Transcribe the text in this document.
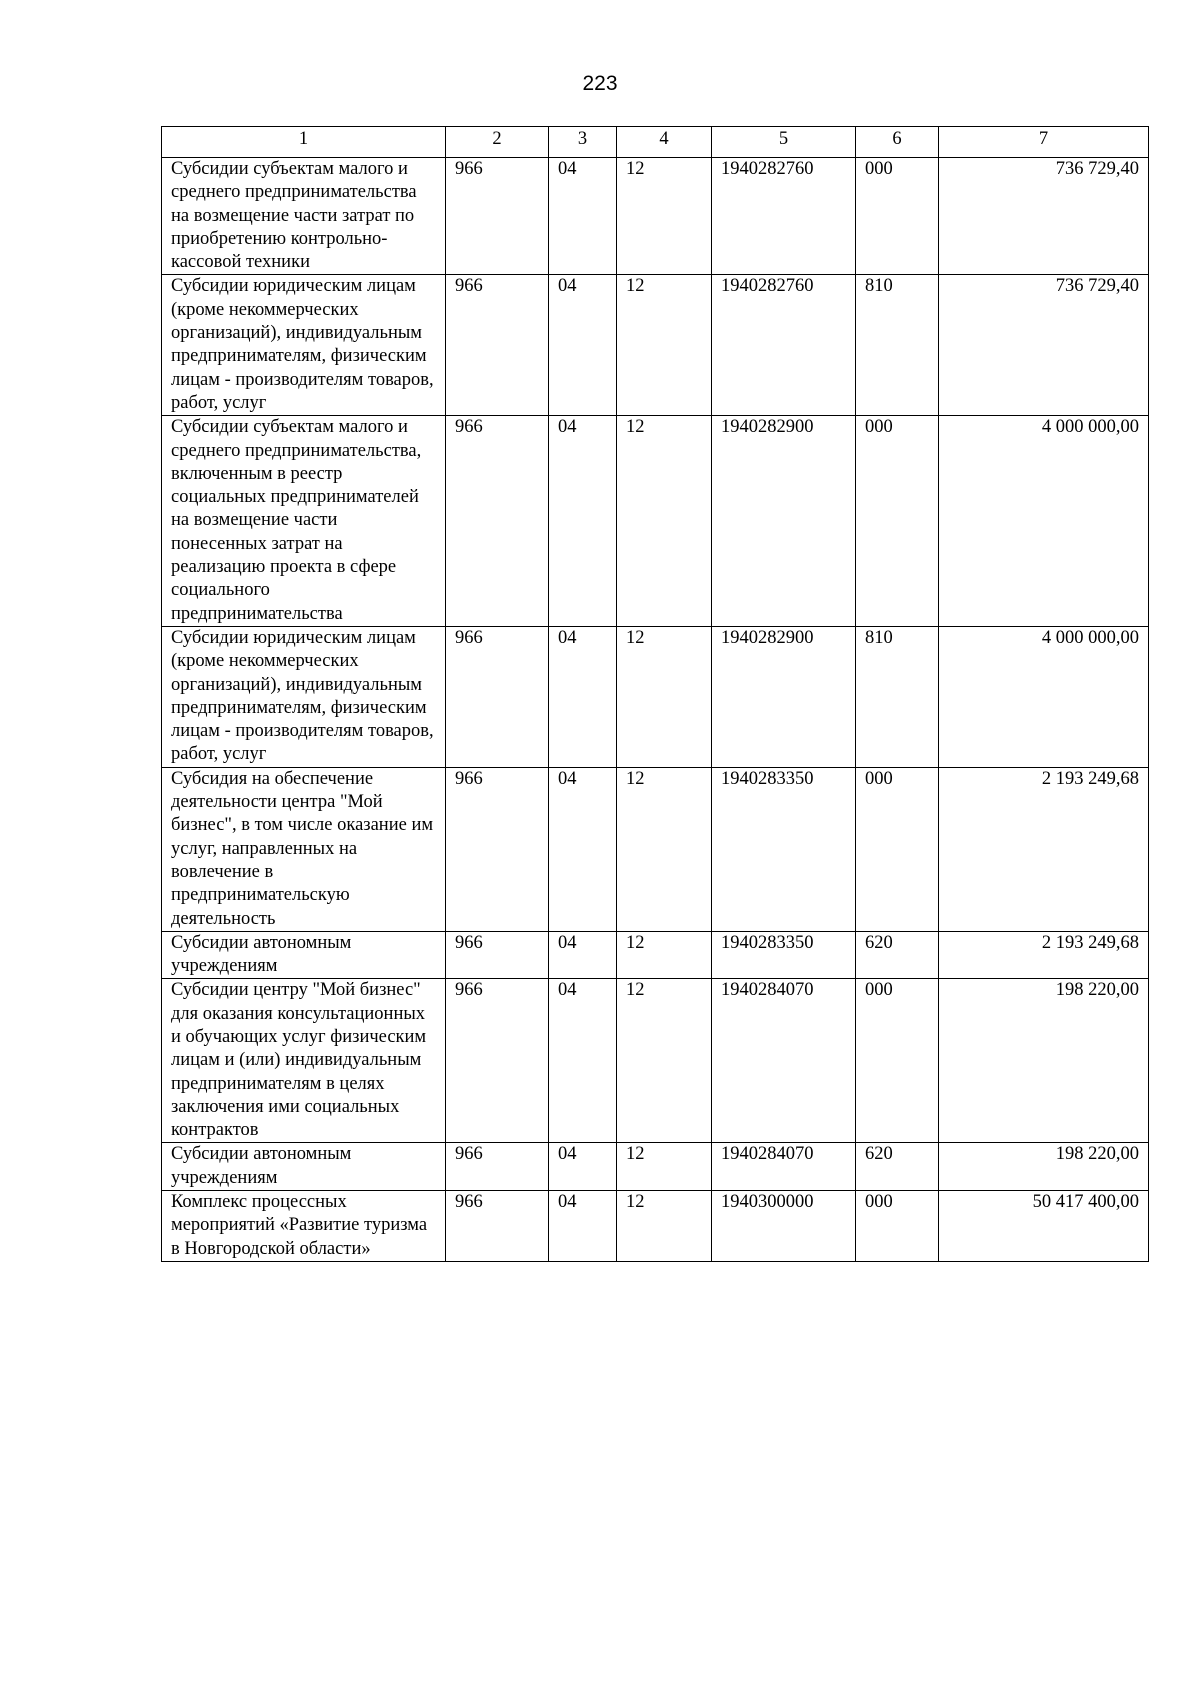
223
1	2	3	4	5	6	7
Субсидии субъектам малого и среднего предпринимательства на возмещение части затрат по приобретению контрольно-кассовой техники	966	04	12	1940282760	000	736 729,40
Субсидии юридическим лицам (кроме некоммерческих организаций), индивидуальным предпринимателям, физическим лицам - производителям товаров, работ, услуг	966	04	12	1940282760	810	736 729,40
Субсидии субъектам малого и среднего предпринимательства, включенным в реестр социальных предпринимателей на возмещение части понесенных затрат на реализацию проекта в сфере социального предпринимательства	966	04	12	1940282900	000	4 000 000,00
Субсидии юридическим лицам (кроме некоммерческих организаций), индивидуальным предпринимателям, физическим лицам - производителям товаров, работ, услуг	966	04	12	1940282900	810	4 000 000,00
Субсидия на обеспечение деятельности центра "Мой бизнес", в том числе оказание им услуг, направленных на вовлечение в предпринимательскую деятельность	966	04	12	1940283350	000	2 193 249,68
Субсидии автономным учреждениям	966	04	12	1940283350	620	2 193 249,68
Субсидии центру "Мой бизнес" для оказания консультационных и обучающих услуг физическим лицам и (или) индивидуальным предпринимателям в целях заключения ими социальных контрактов	966	04	12	1940284070	000	198 220,00
Субсидии автономным учреждениям	966	04	12	1940284070	620	198 220,00
Комплекс процессных мероприятий «Развитие туризма в Новгородской области»	966	04	12	1940300000	000	50 417 400,00
